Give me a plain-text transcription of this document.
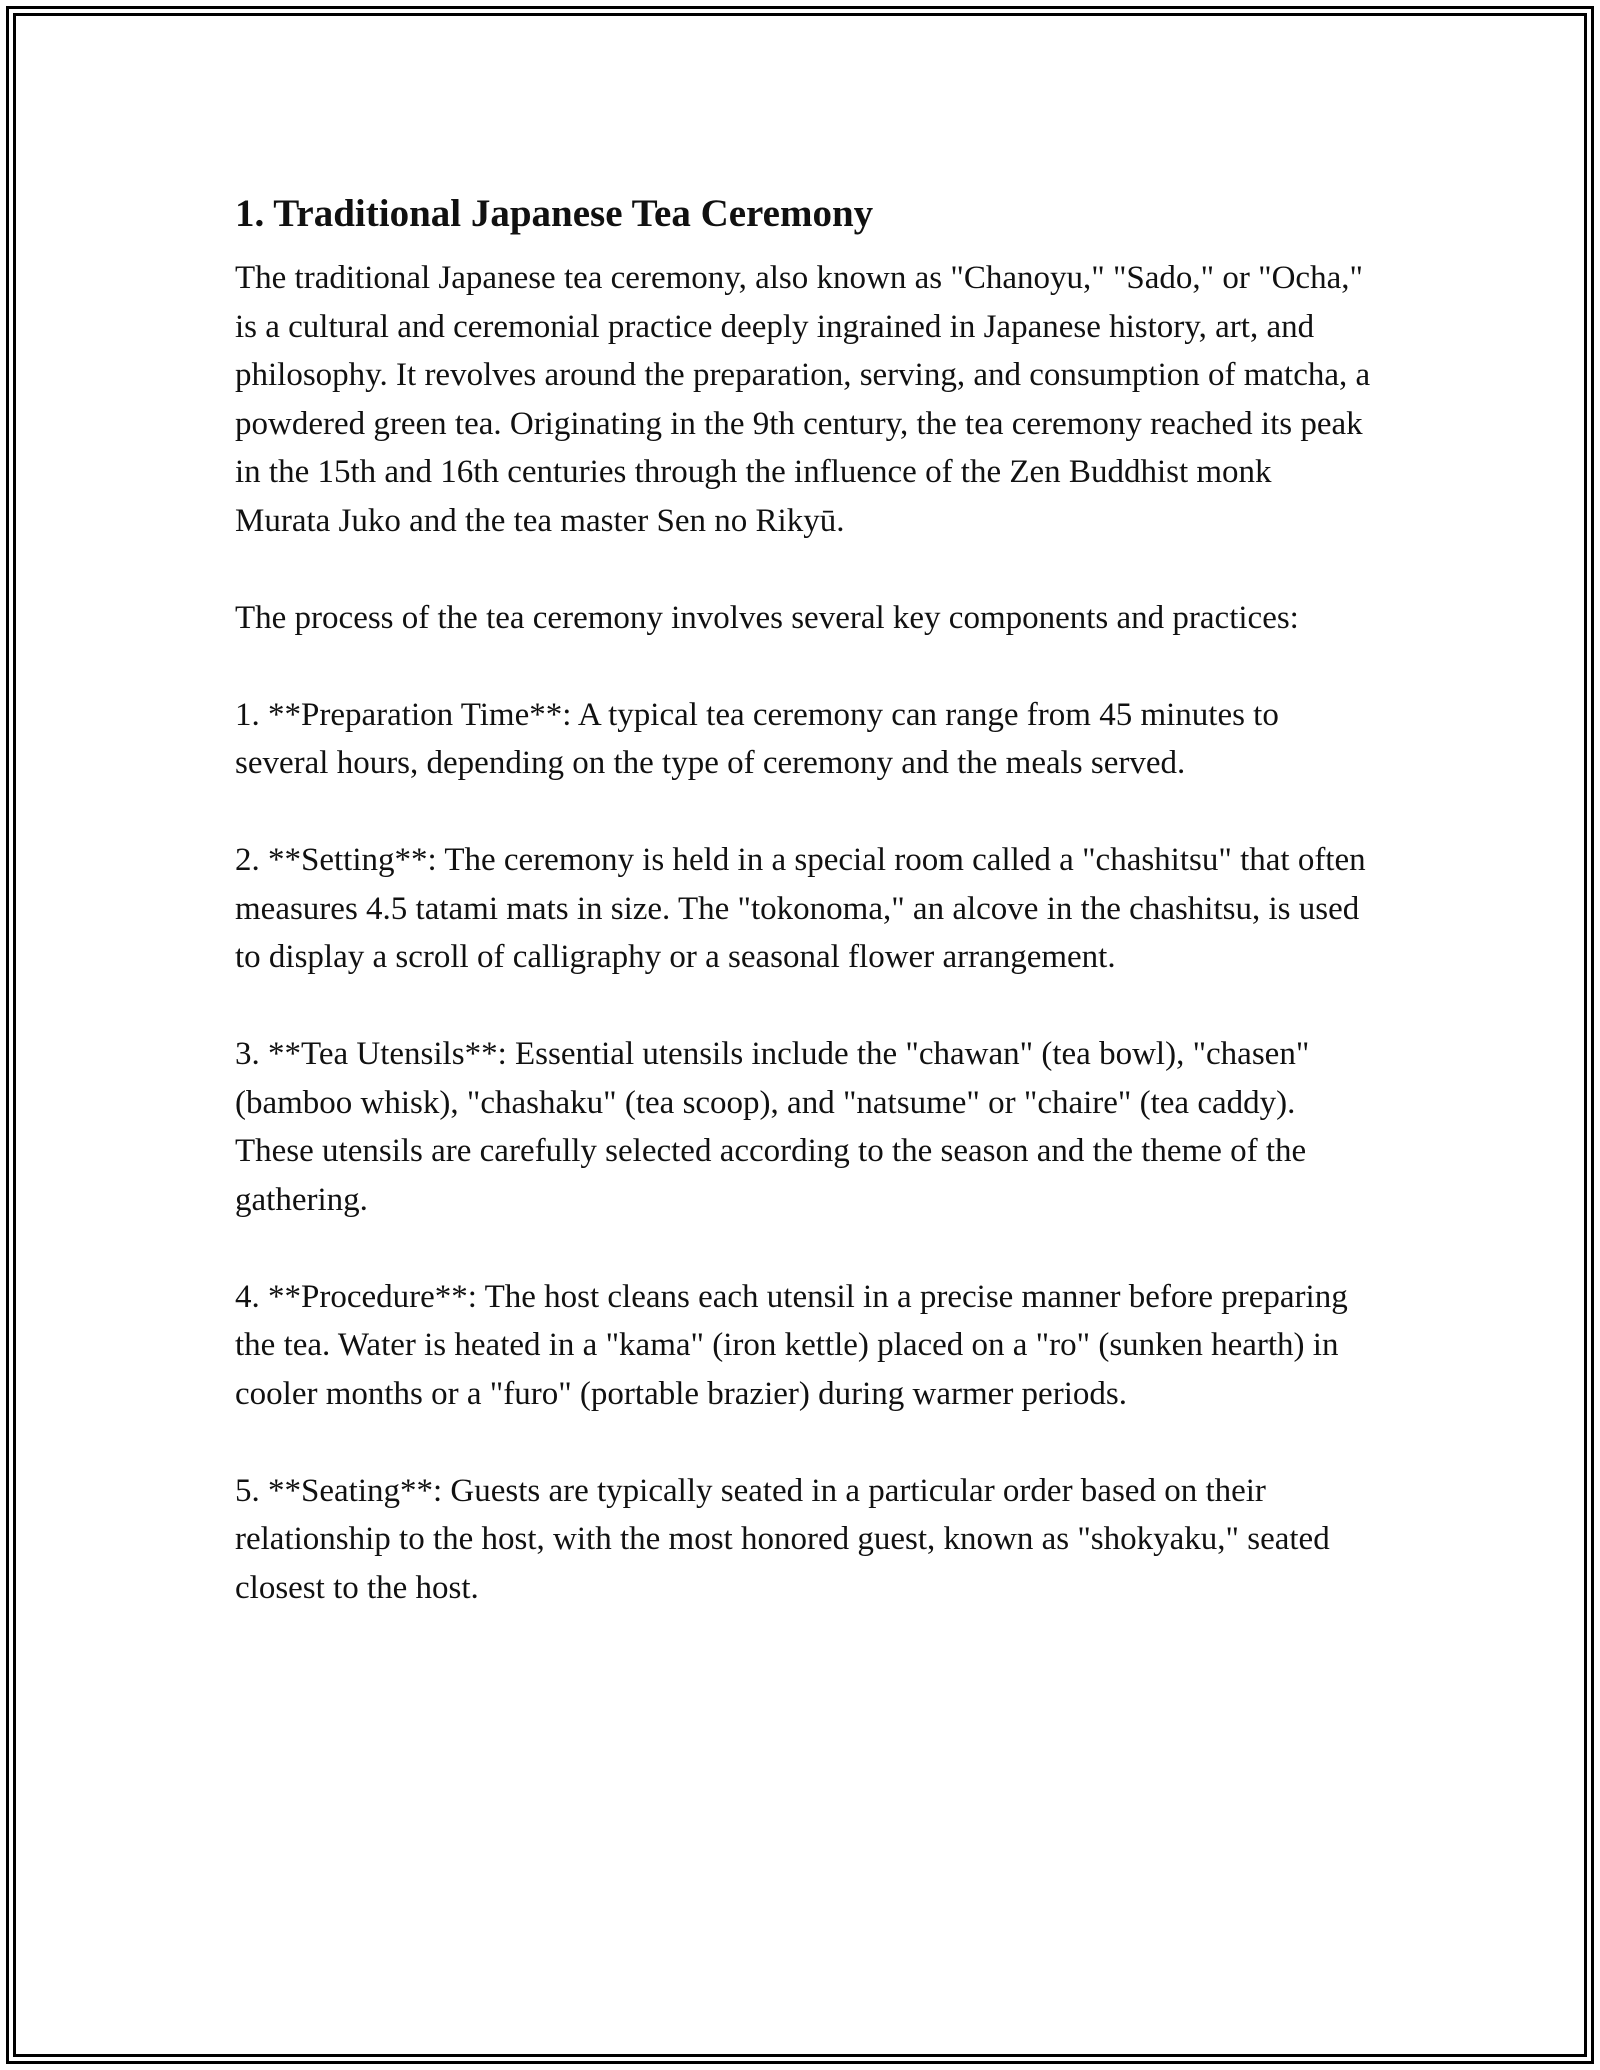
1. Traditional Japanese Tea Ceremony

The traditional Japanese tea ceremony, also known as "Chanoyu," "Sado," or "Ocha," is a cultural and ceremonial practice deeply ingrained in Japanese history, art, and philosophy. It revolves around the preparation, serving, and consumption of matcha, a powdered green tea. Originating in the 9th century, the tea ceremony reached its peak in the 15th and 16th centuries through the influence of the Zen Buddhist monk Murata Juko and the tea master Sen no Rikyū.

The process of the tea ceremony involves several key components and practices:

1. **Preparation Time**: A typical tea ceremony can range from 45 minutes to several hours, depending on the type of ceremony and the meals served.

2. **Setting**: The ceremony is held in a special room called a "chashitsu" that often measures 4.5 tatami mats in size. The "tokonoma," an alcove in the chashitsu, is used to display a scroll of calligraphy or a seasonal flower arrangement.

3. **Tea Utensils**: Essential utensils include the "chawan" (tea bowl), "chasen" (bamboo whisk), "chashaku" (tea scoop), and "natsume" or "chaire" (tea caddy). These utensils are carefully selected according to the season and the theme of the gathering.

4. **Procedure**: The host cleans each utensil in a precise manner before preparing the tea. Water is heated in a "kama" (iron kettle) placed on a "ro" (sunken hearth) in cooler months or a "furo" (portable brazier) during warmer periods.

5. **Seating**: Guests are typically seated in a particular order based on their relationship to the host, with the most honored guest, known as "shokyaku," seated closest to the host.
